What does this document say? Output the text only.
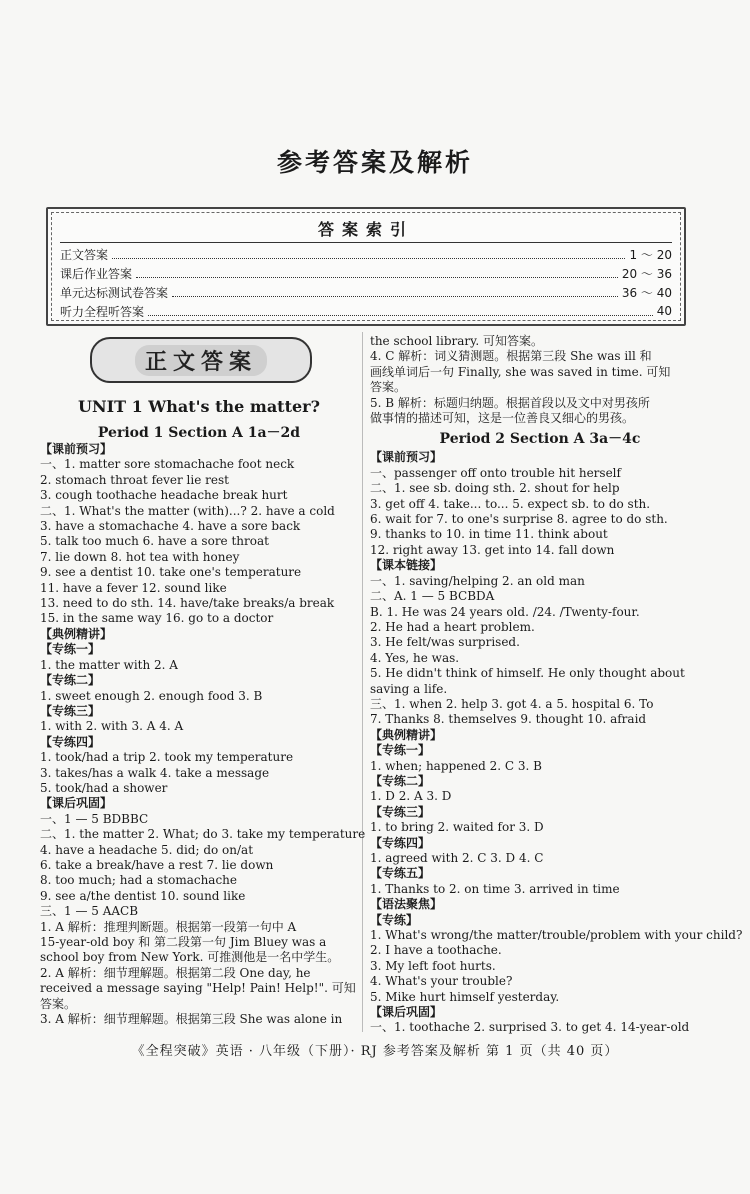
参考答案及解析
答案索引
正文答案	1 ～ 20
课后作业答案	20 ～ 36
单元达标测试卷答案	36 ～ 40
听力全程听答案	40
正文答案
UNIT 1 What's the matter?
Period 1 Section A 1a－2d
【课前预习】
一、1. matter sore stomachache foot neck
2. stomach throat fever lie rest
3. cough toothache headache break hurt
二、1. What's the matter (with)...? 2. have a cold
3. have a stomachache 4. have a sore back
5. talk too much 6. have a sore throat
7. lie down 8. hot tea with honey
9. see a dentist 10. take one's temperature
11. have a fever 12. sound like
13. need to do sth. 14. have/take breaks/a break
15. in the same way 16. go to a doctor
【典例精讲】
【专练一】
1. the matter with 2. A
【专练二】
1. sweet enough 2. enough food 3. B
【专练三】
1. with 2. with 3. A 4. A
【专练四】
1. took/had a trip 2. took my temperature
3. takes/has a walk 4. take a message
5. took/had a shower
【课后巩固】
一、1 — 5 BDBBC
二、1. the matter 2. What; do 3. take my temperature
4. have a headache 5. did; do on/at
6. take a break/have a rest 7. lie down
8. too much; had a stomachache
9. see a/the dentist 10. sound like
三、1 — 5 AACB
1. A 解析：推理判断题。根据第一段第一句中 A
15-year-old boy 和 第二段第一句 Jim Bluey was a
school boy from New York. 可推测他是一名中学生。
2. A 解析：细节理解题。根据第二段 One day, he
received a message saying "Help! Pain! Help!". 可知
答案。
3. A 解析：细节理解题。根据第三段 She was alone in
the school library. 可知答案。
4. C 解析：词义猜测题。根据第三段 She was ill 和
画线单词后一句 Finally, she was saved in time. 可知
答案。
5. B 解析：标题归纳题。根据首段以及文中对男孩所
做事情的描述可知，这是一位善良又细心的男孩。
Period 2 Section A 3a－4c
【课前预习】
一、passenger off onto trouble hit herself
二、1. see sb. doing sth. 2. shout for help
3. get off 4. take... to... 5. expect sb. to do sth.
6. wait for 7. to one's surprise 8. agree to do sth.
9. thanks to 10. in time 11. think about
12. right away 13. get into 14. fall down
【课本链接】
一、1. saving/helping 2. an old man
二、A. 1 — 5 BCBDA
B. 1. He was 24 years old. /24. /Twenty-four.
2. He had a heart problem.
3. He felt/was surprised.
4. Yes, he was.
5. He didn't think of himself. He only thought about
saving a life.
三、1. when 2. help 3. got 4. a 5. hospital 6. To
7. Thanks 8. themselves 9. thought 10. afraid
【典例精讲】
【专练一】
1. when; happened 2. C 3. B
【专练二】
1. D 2. A 3. D
【专练三】
1. to bring 2. waited for 3. D
【专练四】
1. agreed with 2. C 3. D 4. C
【专练五】
1. Thanks to 2. on time 3. arrived in time
【语法聚焦】
【专练】
1. What's wrong/the matter/trouble/problem with your child?
2. I have a toothache.
3. My left foot hurts.
4. What's your trouble?
5. Mike hurt himself yesterday.
【课后巩固】
一、1. toothache 2. surprised 3. to get 4. 14-year-old
《全程突破》英语 · 八年级（下册）· RJ 参考答案及解析 第 1 页（共 40 页）
